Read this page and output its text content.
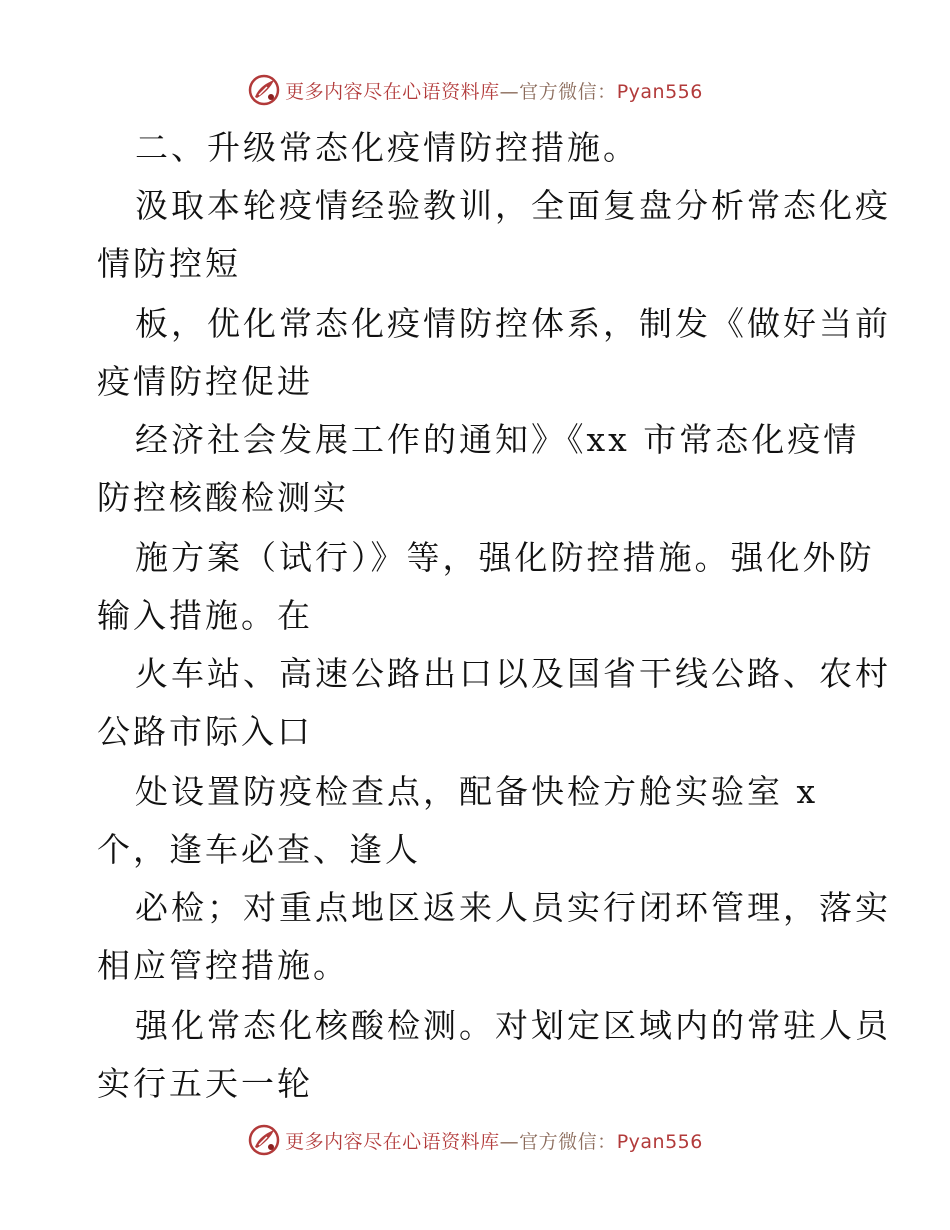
更多内容尽在心语资料库—官方微信：Pyan556
二、升级常态化疫情防控措施。
汲取本轮疫情经验教训，全面复盘分析常态化疫
情防控短
板，优化常态化疫情防控体系，制发《做好当前
疫情防控促进
经济社会发展工作的通知》《xx 市常态化疫情
防控核酸检测实
施方案（试行）》等，强化防控措施。强化外防
输入措施。在
火车站、高速公路出口以及国省干线公路、农村
公路市际入口
处设置防疫检查点，配备快检方舱实验室 x
个，逢车必查、逢人
必检；对重点地区返来人员实行闭环管理，落实
相应管控措施。
强化常态化核酸检测。对划定区域内的常驻人员
实行五天一轮
更多内容尽在心语资料库—官方微信：Pyan556
